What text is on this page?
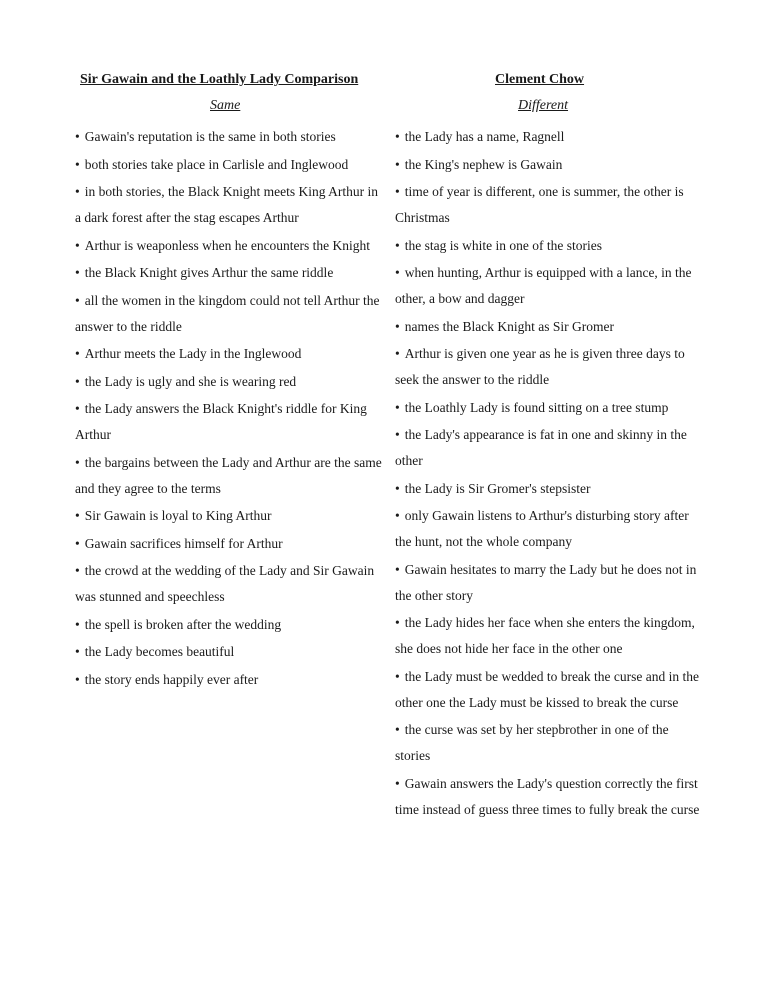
Sir Gawain and the Loathly Lady Comparison	Clement Chow
Same	Different
• Gawain's reputation is the same in both stories
• both stories take place in Carlisle and Inglewood
• in both stories, the Black Knight meets King Arthur in a dark forest after the stag escapes Arthur
• Arthur is weaponless when he encounters the Knight
• the Black Knight gives Arthur the same riddle
• all the women in the kingdom could not tell Arthur the answer to the riddle
• Arthur meets the Lady in the Inglewood
• the Lady is ugly and she is wearing red
• the Lady answers the Black Knight's riddle for King Arthur
• the bargains between the Lady and Arthur are the same and they agree to the terms
• Sir Gawain is loyal to King Arthur
• Gawain sacrifices himself for Arthur
• the crowd at the wedding of the Lady and Sir Gawain was stunned and speechless
• the spell is broken after the wedding
• the Lady becomes beautiful
• the story ends happily ever after
• the Lady has a name, Ragnell
• the King's nephew is Gawain
• time of year is different, one is summer, the other is Christmas
• the stag is white in one of the stories
• when hunting, Arthur is equipped with a lance, in the other, a bow and dagger
• names the Black Knight as Sir Gromer
• Arthur is given one year as he is given three days to seek the answer to the riddle
• the Loathly Lady is found sitting on a tree stump
• the Lady's appearance is fat in one and skinny in the other
• the Lady is Sir Gromer's stepsister
• only Gawain listens to Arthur's disturbing story after the hunt, not the whole company
• Gawain hesitates to marry the Lady but he does not in the other story
• the Lady hides her face when she enters the kingdom, she does not hide her face in the other one
• the Lady must be wedded to break the curse and in the other one the Lady must be kissed to break the curse
• the curse was set by her stepbrother in one of the stories
• Gawain answers the Lady's question correctly the first time instead of guess three times to fully break the curse
